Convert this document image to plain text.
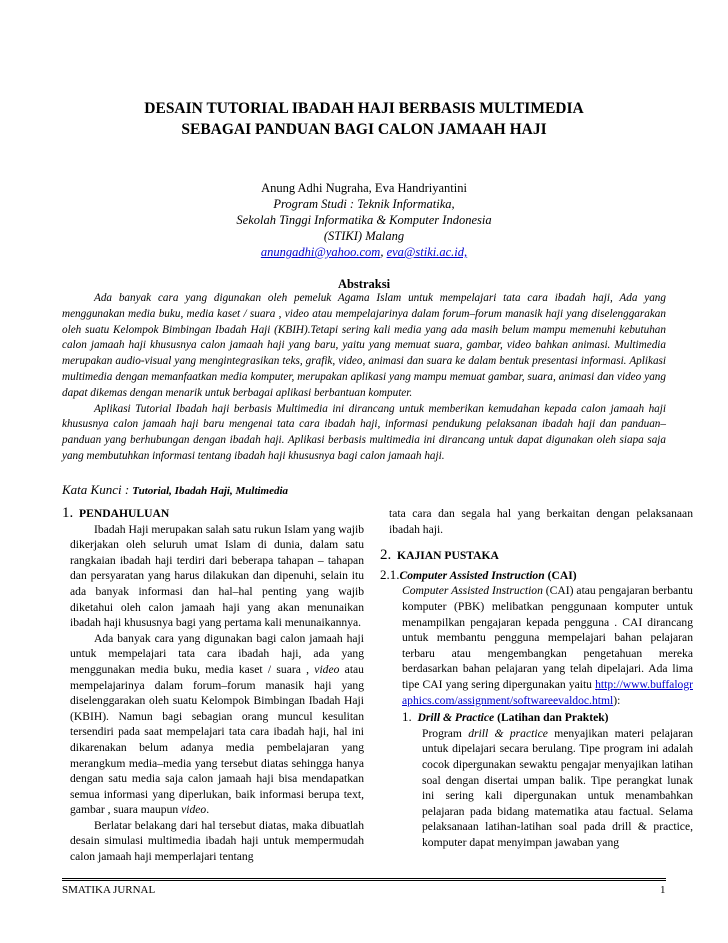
DESAIN TUTORIAL IBADAH HAJI BERBASIS MULTIMEDIA
SEBAGAI PANDUAN BAGI CALON JAMAAH HAJI
Anung Adhi Nugraha, Eva Handriyantini
Program Studi : Teknik Informatika,
Sekolah Tinggi Informatika & Komputer Indonesia
(STIKI) Malang
anungadhi@yahoo.com, eva@stiki.ac.id,
Abstraksi

Ada banyak cara yang digunakan oleh pemeluk Agama Islam untuk mempelajari tata cara ibadah haji, Ada yang menggunakan media buku, media kaset / suara , video atau mempelajarinya dalam forum–forum manasik haji yang diselenggarakan oleh suatu Kelompok Bimbingan Ibadah Haji (KBIH).Tetapi sering kali media yang ada masih belum mampu memenuhi kebutuhan calon jamaah haji khususnya calon jamaah haji yang baru, yaitu yang memuat suara, gambar, video bahkan animasi. Multimedia merupakan audio-visual yang mengintegrasikan teks, grafik, video, animasi dan suara ke dalam bentuk presentasi informasi. Aplikasi multimedia dengan memanfaatkan media komputer, merupakan aplikasi yang mampu memuat gambar, suara, animasi dan video yang dapat dikemas dengan menarik untuk berbagai aplikasi berbantuan komputer.

Aplikasi Tutorial Ibadah haji berbasis Multimedia ini dirancang untuk memberikan kemudahan kepada calon jamaah haji khususnya calon jamaah haji baru mengenai tata cara ibadah haji, informasi pendukung pelaksanan ibadah haji dan panduan–panduan yang berhubungan dengan ibadah haji. Aplikasi berbasis multimedia ini dirancang untuk dapat digunakan oleh siapa saja yang membutuhkan informasi tentang ibadah haji khususnya bagi calon jamaah haji.

Kata Kunci : Tutorial, Ibadah Haji, Multimedia
1. PENDAHULUAN

Ibadah Haji merupakan salah satu rukun Islam yang wajib dikerjakan oleh seluruh umat Islam di dunia, dalam satu rangkaian ibadah haji terdiri dari beberapa tahapan – tahapan dan persyaratan yang harus dilakukan dan dipenuhi, selain itu ada banyak informasi dan hal–hal penting yang wajib diketahui oleh calon jamaah haji yang akan menunaikan ibadah haji khususnya bagi yang pertama kali menunaikannya.

Ada banyak cara yang digunakan bagi calon jamaah haji untuk mempelajari tata cara ibadah haji, ada yang menggunakan media buku, media kaset / suara , video atau mempelajarinya dalam forum–forum manasik haji yang diselenggarakan oleh suatu Kelompok Bimbingan Ibadah Haji (KBIH). Namun bagi sebagian orang muncul kesulitan tersendiri pada saat mempelajari tata cara ibadah haji, hal ini dikarenakan belum adanya media pembelajaran yang merangkum media–media yang tersebut diatas sehingga hanya dengan satu media saja calon jamaah haji bisa mendapatkan semua informasi yang diperlukan, baik informasi berupa text, gambar , suara maupun video.

Berlatar belakang dari hal tersebut diatas, maka dibuatlah desain simulasi multimedia ibadah haji untuk mempermudah calon jamaah haji memperlajari tentang

tata cara dan segala hal yang berkaitan dengan pelaksanaan ibadah haji.

2. KAJIAN PUSTAKA
2.1.Computer Assisted Instruction (CAI)

Computer Assisted Instruction (CAI) atau pengajaran berbantu komputer (PBK) melibatkan penggunaan komputer untuk menampilkan pengajaran kepada pengguna . CAI dirancang untuk membantu pengguna mempelajari bahan pelajaran terbaru atau mengembangkan pengetahuan mereka berdasarkan bahan pelajaran yang telah dipelajari. Ada lima tipe CAI yang sering dipergunakan yaitu http://www.buffalographics.com/assignment/softwareevaldoc.html):

1. Drill & Practice (Latihan dan Praktek)

Program drill & practice menyajikan materi pelajaran untuk dipelajari secara berulang. Tipe program ini adalah cocok dipergunakan sewaktu pengajar menyajikan latihan soal dengan disertai umpan balik. Tipe perangkat lunak ini sering kali dipergunakan untuk menambahkan pelajaran pada bidang matematika atau factual. Selama pelaksanaan latihan-latihan soal pada drill & practice, komputer dapat menyimpan jawaban yang

SMATIKA JURNAL	1
